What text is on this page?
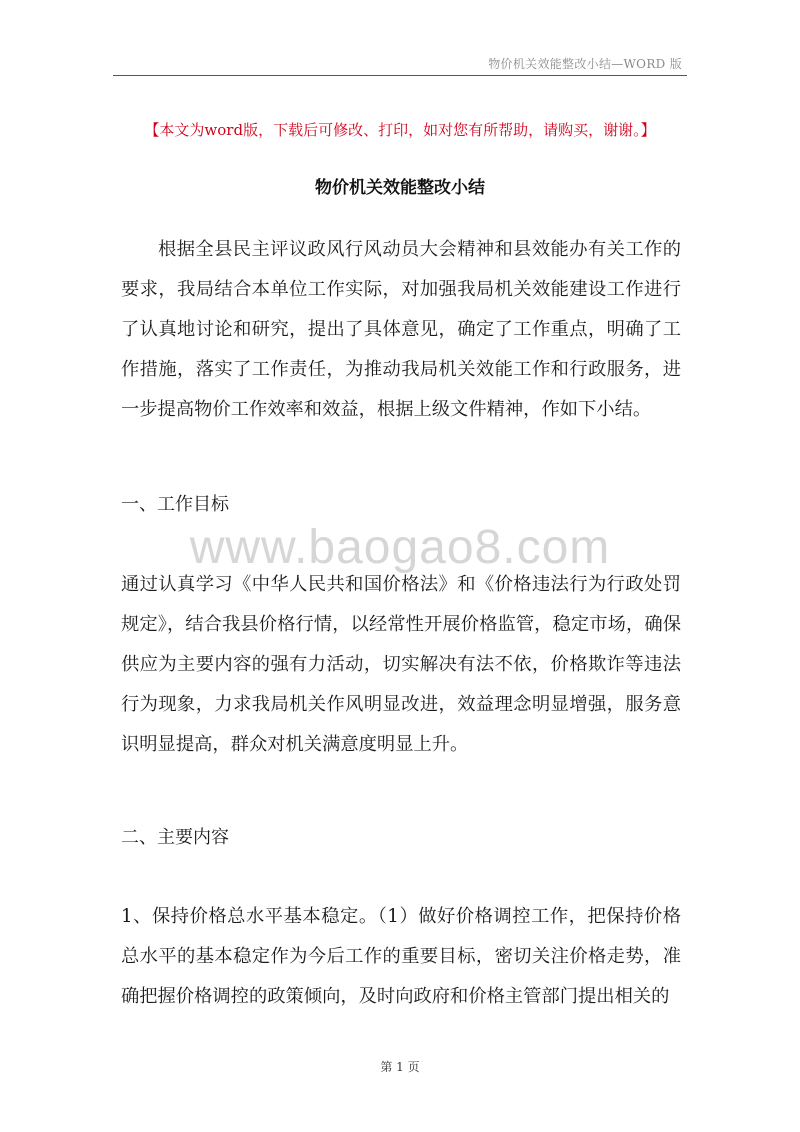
物价机关效能整改小结—WORD 版
【本文为word版，下载后可修改、打印，如对您有所帮助，请购买，谢谢。】
物价机关效能整改小结
根据全县民主评议政风行风动员大会精神和县效能办有关工作的要求，我局结合本单位工作实际，对加强我局机关效能建设工作进行了认真地讨论和研究，提出了具体意见，确定了工作重点，明确了工作措施，落实了工作责任，为推动我局机关效能工作和行政服务，进一步提高物价工作效率和效益，根据上级文件精神，作如下小结。
一、工作目标
www.baogao8.com
通过认真学习《中华人民共和国价格法》和《价格违法行为行政处罚规定》，结合我县价格行情，以经常性开展价格监管，稳定市场，确保供应为主要内容的强有力活动，切实解决有法不依，价格欺诈等违法行为现象，力求我局机关作风明显改进，效益理念明显增强，服务意识明显提高，群众对机关满意度明显上升。
二、主要内容
1、保持价格总水平基本稳定。（1）做好价格调控工作，把保持价格总水平的基本稳定作为今后工作的重要目标，密切关注价格走势，准确把握价格调控的政策倾向，及时向政府和价格主管部门提出相关的
第 1 页
